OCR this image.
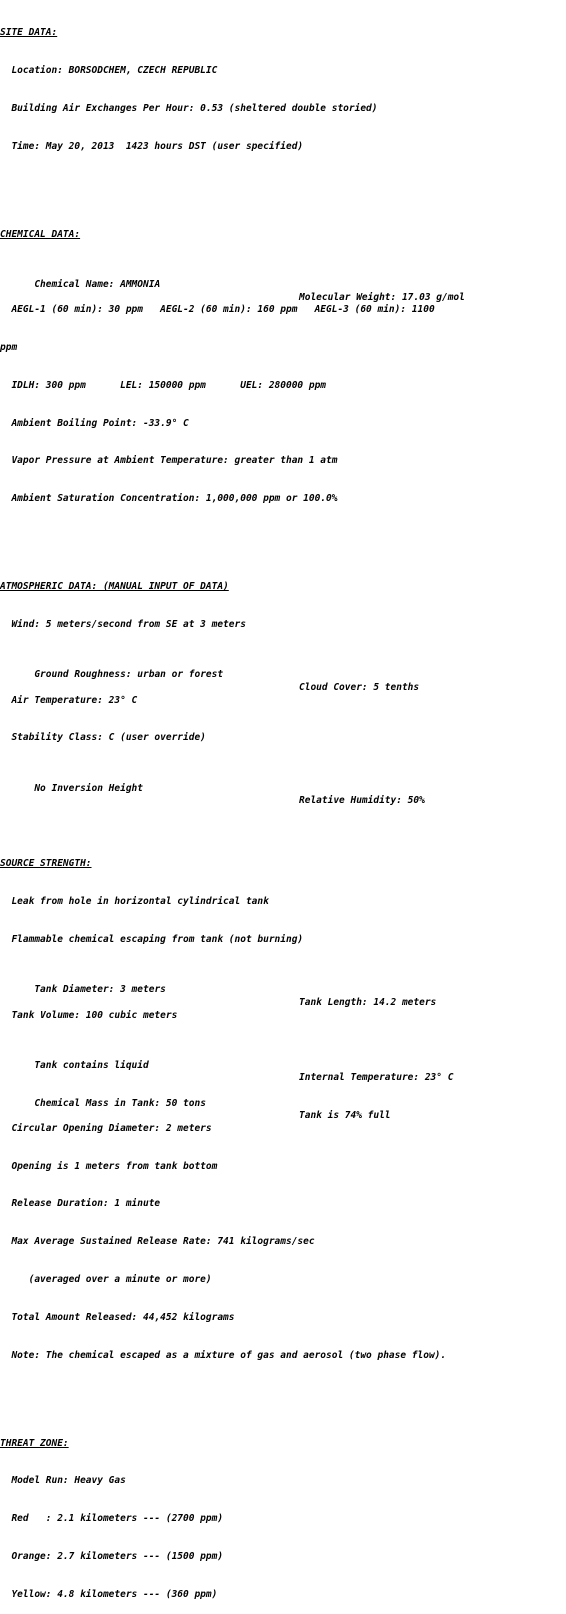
SITE DATA:

Location: BORSODCHEM, CZECH REPUBLIC

Building Air Exchanges Per Hour: 0.53 (sheltered double storied)

Time: May 20, 2013  1423 hours DST (user specified)

CHEMICAL DATA:

Chemical Name: AMMONIA

Molecular Weight: 17.03 g/mol

AEGL-1 (60 min): 30 ppm   AEGL-2 (60 min): 160 ppm   AEGL-3 (60 min): 1100

ppm

IDLH: 300 ppm      LEL: 150000 ppm      UEL: 280000 ppm

Ambient Boiling Point: -33.9° C

Vapor Pressure at Ambient Temperature: greater than 1 atm

Ambient Saturation Concentration: 1,000,000 ppm or 100.0%

ATMOSPHERIC DATA: (MANUAL INPUT OF DATA)

Wind: 5 meters/second from SE at 3 meters

Ground Roughness: urban or forest

Cloud Cover: 5 tenths

Air Temperature: 23° C

Stability Class: C (user override)

No Inversion Height

Relative Humidity: 50%

SOURCE STRENGTH:

Leak from hole in horizontal cylindrical tank

Flammable chemical escaping from tank (not burning)

Tank Diameter: 3 meters

Tank Length: 14.2 meters

Tank Volume: 100 cubic meters

Tank contains liquid

Internal Temperature: 23° C

Chemical Mass in Tank: 50 tons

Tank is 74% full

Circular Opening Diameter: 2 meters

Opening is 1 meters from tank bottom

Release Duration: 1 minute

Max Average Sustained Release Rate: 741 kilograms/sec

(averaged over a minute or more)

Total Amount Released: 44,452 kilograms

Note: The chemical escaped as a mixture of gas and aerosol (two phase flow).

THREAT ZONE:

Model Run: Heavy Gas

Red   : 2.1 kilometers --- (2700 ppm)

Orange: 2.7 kilometers --- (1500 ppm)

Yellow: 4.8 kilometers --- (360 ppm)
